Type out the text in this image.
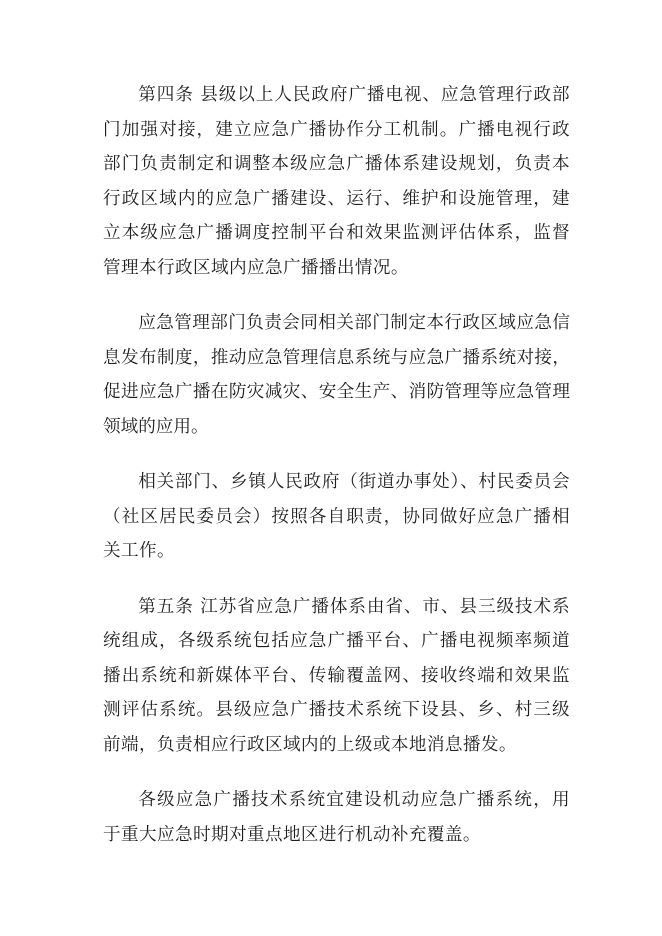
第四条 县级以上人民政府广播电视、应急管理行政部门加强对接，建立应急广播协作分工机制。广播电视行政部门负责制定和调整本级应急广播体系建设规划，负责本行政区域内的应急广播建设、运行、维护和设施管理，建立本级应急广播调度控制平台和效果监测评估体系，监督管理本行政区域内应急广播播出情况。

应急管理部门负责会同相关部门制定本行政区域应急信息发布制度，推动应急管理信息系统与应急广播系统对接，促进应急广播在防灾减灾、安全生产、消防管理等应急管理领域的应用。

相关部门、乡镇人民政府（街道办事处）、村民委员会（社区居民委员会）按照各自职责，协同做好应急广播相关工作。

第五条 江苏省应急广播体系由省、市、县三级技术系统组成，各级系统包括应急广播平台、广播电视频率频道播出系统和新媒体平台、传输覆盖网、接收终端和效果监测评估系统。县级应急广播技术系统下设县、乡、村三级前端，负责相应行政区域内的上级或本地消息播发。

各级应急广播技术系统宜建设机动应急广播系统，用于重大应急时期对重点地区进行机动补充覆盖。
